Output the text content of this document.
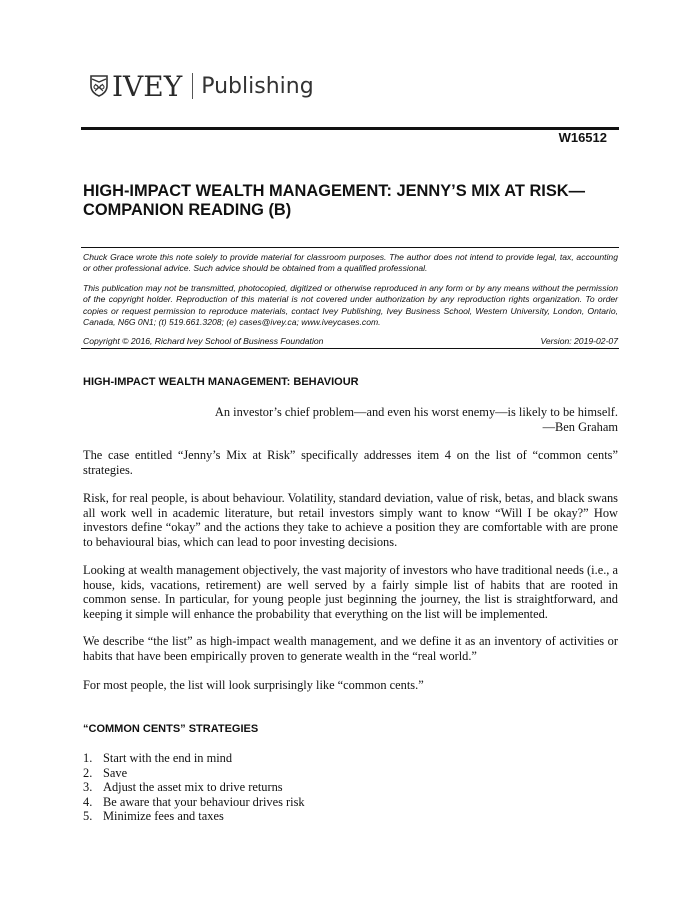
IVEY Publishing
W16512
HIGH-IMPACT WEALTH MANAGEMENT: JENNY’S MIX AT RISK—
COMPANION READING (B)
Chuck Grace wrote this note solely to provide material for classroom purposes. The author does not intend to provide legal, tax, accounting or other professional advice. Such advice should be obtained from a qualified professional.
This publication may not be transmitted, photocopied, digitized or otherwise reproduced in any form or by any means without the permission of the copyright holder. Reproduction of this material is not covered under authorization by any reproduction rights organization. To order copies or request permission to reproduce materials, contact Ivey Publishing, Ivey Business School, Western University, London, Ontario, Canada, N6G 0N1; (t) 519.661.3208; (e) cases@ivey.ca; www.iveycases.com.
Copyright © 2016, Richard Ivey School of Business Foundation	Version: 2019-02-07
HIGH-IMPACT WEALTH MANAGEMENT: BEHAVIOUR
An investor’s chief problem—and even his worst enemy—is likely to be himself.
—Ben Graham
The case entitled “Jenny’s Mix at Risk” specifically addresses item 4 on the list of “common cents” strategies.
Risk, for real people, is about behaviour. Volatility, standard deviation, value of risk, betas, and black swans all work well in academic literature, but retail investors simply want to know “Will I be okay?” How investors define “okay” and the actions they take to achieve a position they are comfortable with are prone to behavioural bias, which can lead to poor investing decisions.
Looking at wealth management objectively, the vast majority of investors who have traditional needs (i.e., a house, kids, vacations, retirement) are well served by a fairly simple list of habits that are rooted in common sense. In particular, for young people just beginning the journey, the list is straightforward, and keeping it simple will enhance the probability that everything on the list will be implemented.
We describe “the list” as high-impact wealth management, and we define it as an inventory of activities or habits that have been empirically proven to generate wealth in the “real world.”
For most people, the list will look surprisingly like “common cents.”
“COMMON CENTS” STRATEGIES
1. Start with the end in mind
2. Save
3. Adjust the asset mix to drive returns
4. Be aware that your behaviour drives risk
5. Minimize fees and taxes
